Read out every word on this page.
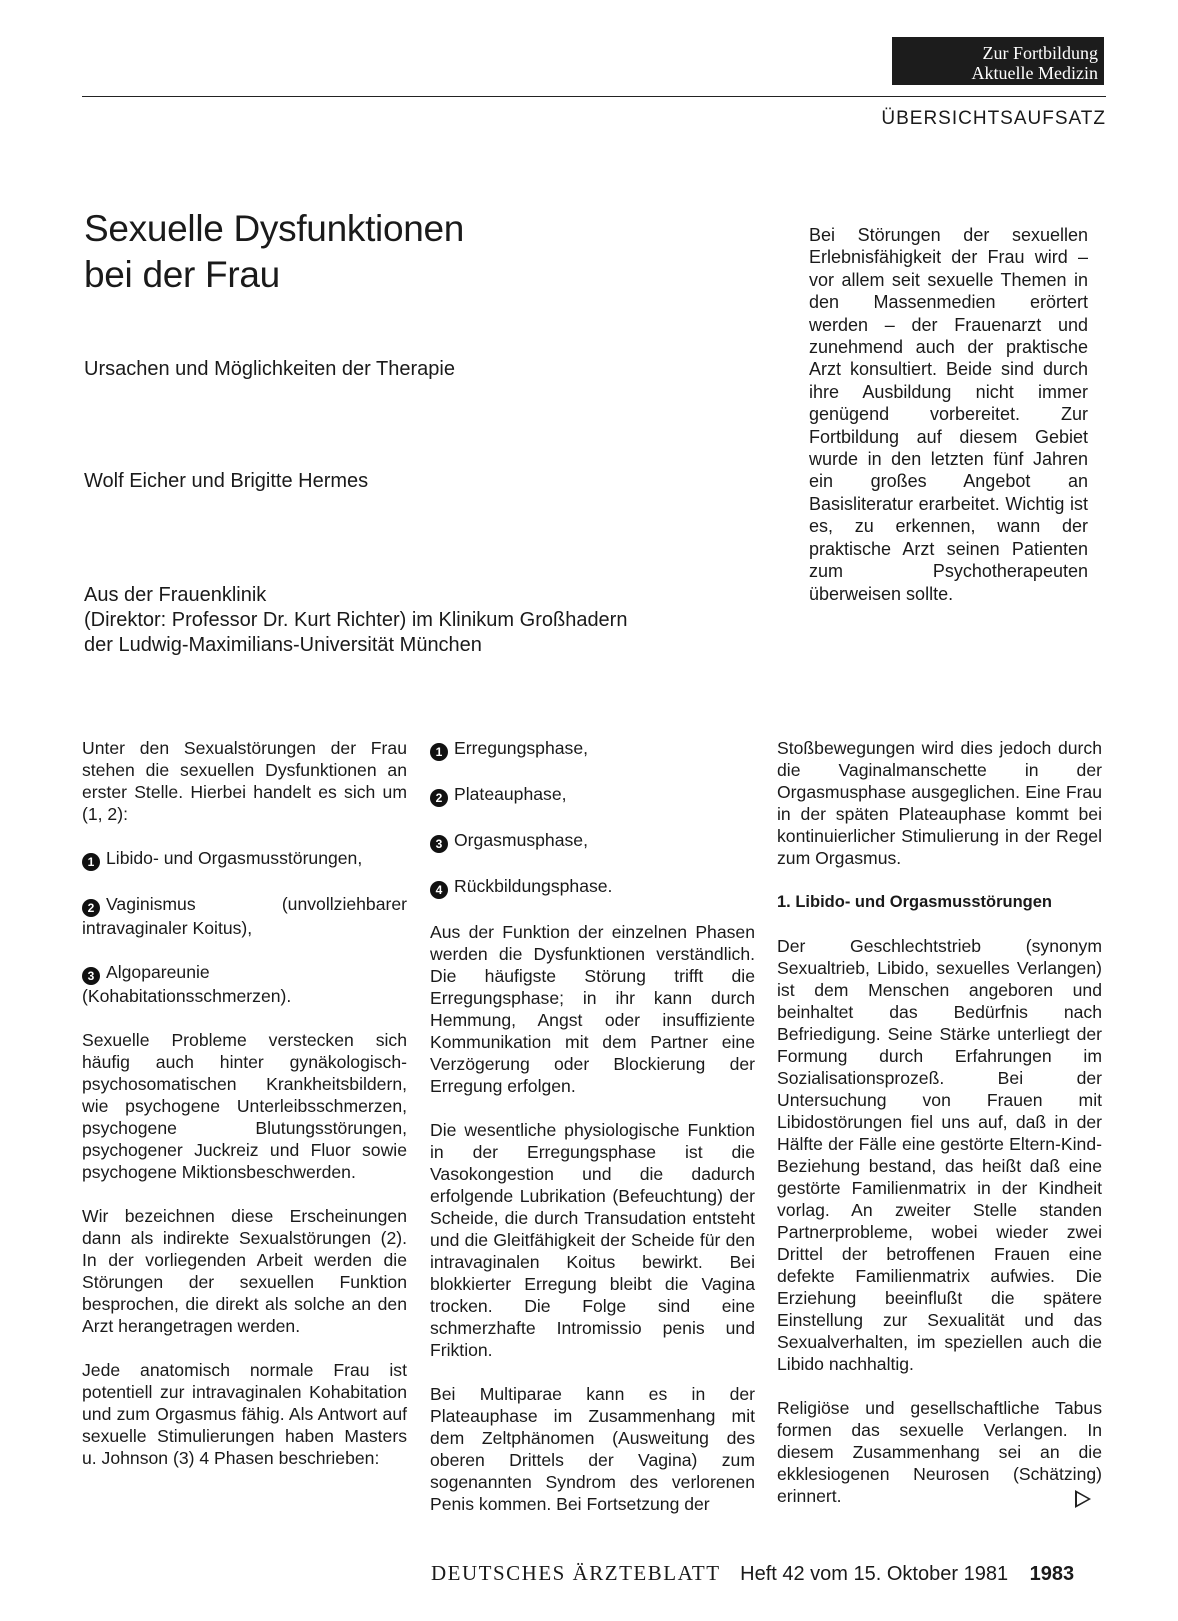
Zur Fortbildung
Aktuelle Medizin
ÜBERSICHTSAUFSATZ
Sexuelle Dysfunktionen
bei der Frau
Ursachen und Möglichkeiten der Therapie
Wolf Eicher und Brigitte Hermes
Aus der Frauenklinik
(Direktor: Professor Dr. Kurt Richter) im Klinikum Großhadern
der Ludwig-Maximilians-Universität München
Bei Störungen der sexuellen Erlebnisfähigkeit der Frau wird – vor allem seit sexuelle Themen in den Massenmedien erörtert werden – der Frauenarzt und zunehmend auch der praktische Arzt konsultiert. Beide sind durch ihre Ausbildung nicht immer genügend vorbereitet. Zur Fortbildung auf diesem Gebiet wurde in den letzten fünf Jahren ein großes Angebot an Basisliteratur erarbeitet. Wichtig ist es, zu erkennen, wann der praktische Arzt seinen Patienten zum Psychotherapeuten überweisen sollte.

Unter den Sexualstörungen der Frau stehen die sexuellen Dysfunktionen an erster Stelle. Hierbei handelt es sich um (1, 2):

1 Libido- und Orgasmusstörungen,
2 Vaginismus (unvollziehbarer intravaginaler Koitus),
3 Algopareunie (Kohabitationsschmerzen).

Sexuelle Probleme verstecken sich häufig auch hinter gynäkologisch-psychosomatischen Krankheitsbildern, wie psychogene Unterleibsschmerzen, psychogene Blutungsstörungen, psychogener Juckreiz und Fluor sowie psychogene Miktionsbeschwerden.

Wir bezeichnen diese Erscheinungen dann als indirekte Sexualstörungen (2). In der vorliegenden Arbeit werden die Störungen der sexuellen Funktion besprochen, die direkt als solche an den Arzt herangetragen werden.

Jede anatomisch normale Frau ist potentiell zur intravaginalen Kohabitation und zum Orgasmus fähig. Als Antwort auf sexuelle Stimulierungen haben Masters u. Johnson (3) 4 Phasen beschrieben:

1 Erregungsphase,
2 Plateauphase,
3 Orgasmusphase,
4 Rückbildungsphase.

Aus der Funktion der einzelnen Phasen werden die Dysfunktionen verständlich. Die häufigste Störung trifft die Erregungsphase; in ihr kann durch Hemmung, Angst oder insuffiziente Kommunikation mit dem Partner eine Verzögerung oder Blockierung der Erregung erfolgen.

Die wesentliche physiologische Funktion in der Erregungsphase ist die Vasokongestion und die dadurch erfolgende Lubrikation (Befeuchtung) der Scheide, die durch Transudation entsteht und die Gleitfähigkeit der Scheide für den intravaginalen Koitus bewirkt. Bei blokkierter Erregung bleibt die Vagina trocken. Die Folge sind eine schmerzhafte Intromissio penis und Friktion.

Bei Multiparae kann es in der Plateauphase im Zusammenhang mit dem Zeltphänomen (Ausweitung des oberen Drittels der Vagina) zum sogenannten Syndrom des verlorenen Penis kommen. Bei Fortsetzung der

Stoßbewegungen wird dies jedoch durch die Vaginalmanschette in der Orgasmusphase ausgeglichen. Eine Frau in der späten Plateauphase kommt bei kontinuierlicher Stimulierung in der Regel zum Orgasmus.

1. Libido- und Orgasmusstörungen

Der Geschlechtstrieb (synonym Sexualtrieb, Libido, sexuelles Verlangen) ist dem Menschen angeboren und beinhaltet das Bedürfnis nach Befriedigung. Seine Stärke unterliegt der Formung durch Erfahrungen im Sozialisationsprozeß. Bei der Untersuchung von Frauen mit Libidostörungen fiel uns auf, daß in der Hälfte der Fälle eine gestörte Eltern-Kind-Beziehung bestand, das heißt daß eine gestörte Familienmatrix in der Kindheit vorlag. An zweiter Stelle standen Partnerprobleme, wobei wieder zwei Drittel der betroffenen Frauen eine defekte Familienmatrix aufwies. Die Erziehung beeinflußt die spätere Einstellung zur Sexualität und das Sexualverhalten, im speziellen auch die Libido nachhaltig.

Religiöse und gesellschaftliche Tabus formen das sexuelle Verlangen. In diesem Zusammenhang sei an die ekklesiogenen Neurosen (Schätzing) erinnert.

DEUTSCHES ÄRZTEBLATT Heft 42 vom 15. Oktober 1981 1983
